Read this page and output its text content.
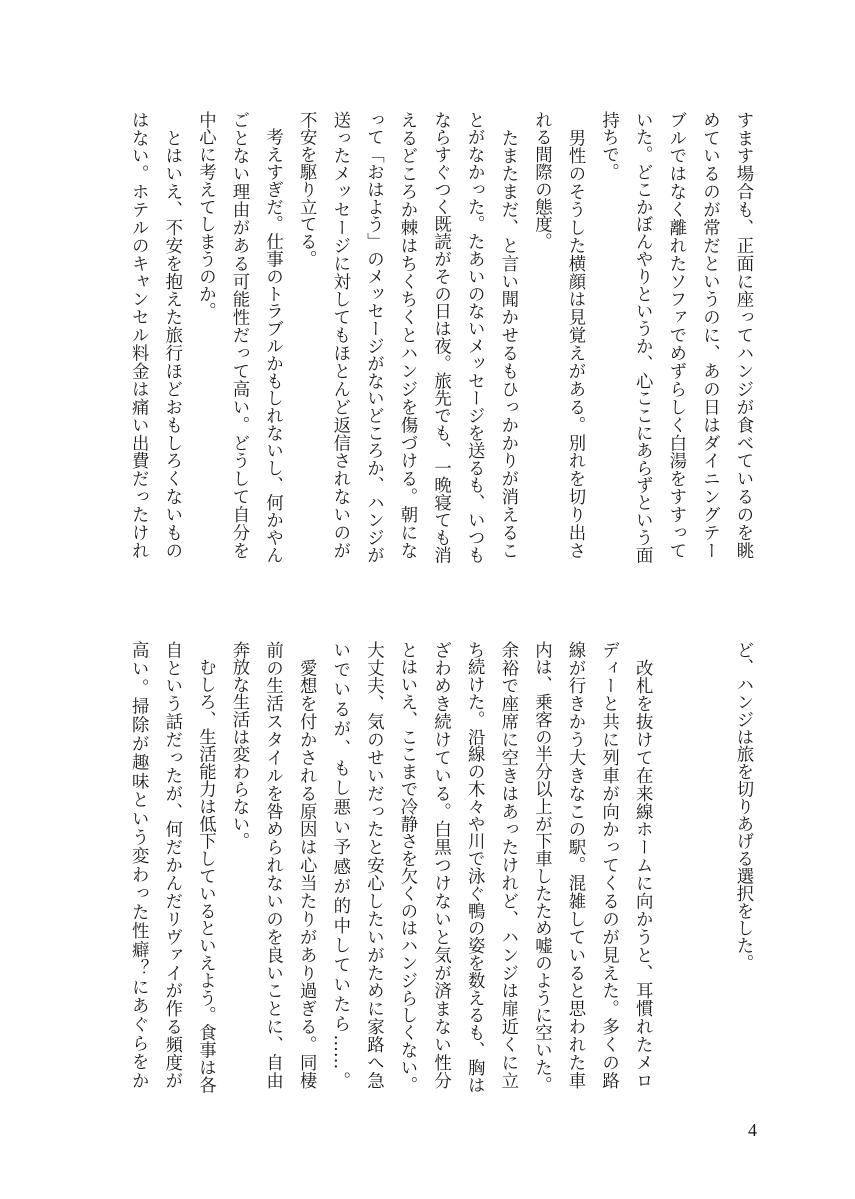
すます場合も、正面に座ってハンジが食べているのを眺
めているのが常だというのに、あの日はダイニングテー
ブルではなく離れたソファでめずらしく白湯をすすって
いた。どこかぼんやりというか、心ここにあらずという面
持ちで。
　男性のそうした横顔は見覚えがある。別れを切り出さ
れる間際の態度。
　たまたまだ、と言い聞かせるもひっかかりが消えるこ
とがなかった。たあいのないメッセージを送るも、いつも
ならすぐつく既読がその日は夜。旅先でも、一晩寝ても消
えるどころか棘はちくちくとハンジを傷づける。朝にな
って「おはよう」のメッセージがないどころか、ハンジが
送ったメッセージに対してもほとんど返信されないのが
不安を駆り立てる。
　考えすぎだ。仕事のトラブルかもしれないし、何かやん
ごとない理由がある可能性だって高い。どうして自分を
中心に考えてしまうのか。
　とはいえ、不安を抱えた旅行ほどおもしろくないもの
はない。ホテルのキャンセル料金は痛い出費だったけれ
ど、ハンジは旅を切りあげる選択をした。
　改札を抜けて在来線ホームに向かうと、耳慣れたメロ
ディーと共に列車が向かってくるのが見えた。多くの路
線が行きかう大きなこの駅。混雑していると思われた車
内は、乗客の半分以上が下車したため嘘のように空いた。
余裕で座席に空きはあったけれど、ハンジは扉近くに立
ち続けた。沿線の木々や川で泳ぐ鴨の姿を数えるも、胸は
ざわめき続けている。白黒つけないと気が済まない性分
とはいえ、ここまで冷静さを欠くのはハンジらしくない。
大丈夫、気のせいだったと安心したいがために家路へ急
いでいるが、もし悪い予感が的中していたら……。
　愛想を付かされる原因は心当たりがあり過ぎる。同棲
前の生活スタイルを咎められないのを良いことに、自由
奔放な生活は変わらない。
　むしろ、生活能力は低下しているといえよう。食事は各
自という話だったが、何だかんだリヴァイが作る頻度が
高い。掃除が趣味という変わった性癖？にあぐらをか
4
